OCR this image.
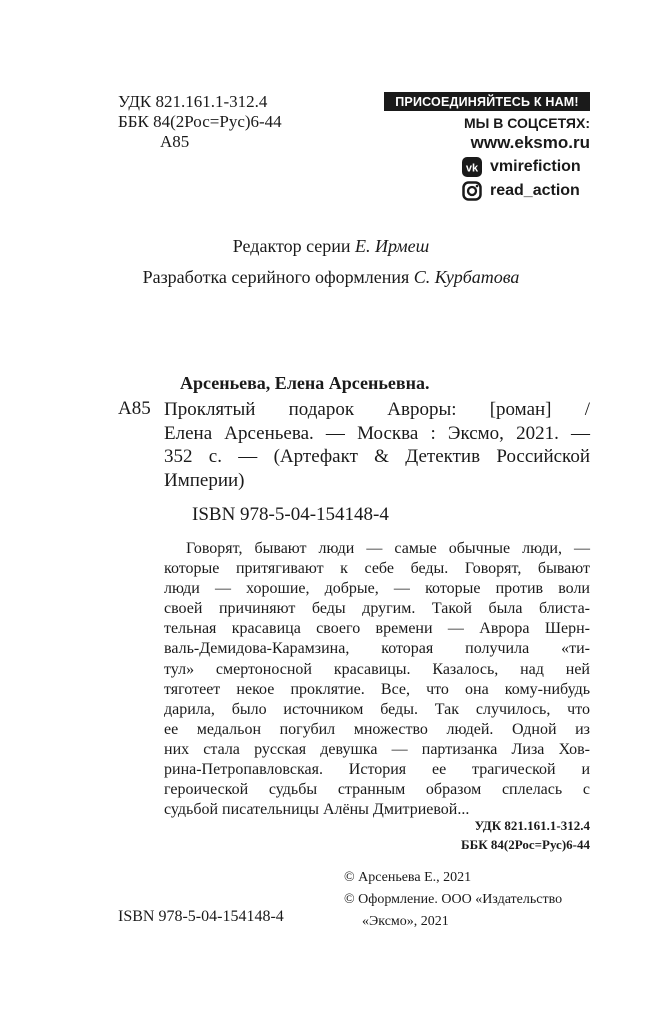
УДК 821.161.1-312.4
ББК 84(2Рос=Рус)6-44
А85
ПРИСОЕДИНЯЙТЕСЬ К НАМ!
МЫ В СОЦСЕТЯХ:
www.eksmo.ru
vk vmirefiction
read_action
Редактор серии Е. Ирмеш
Разработка серийного оформления С. Курбатова
Арсеньева, Елена Арсеньевна.
А85 Проклятый подарок Авроры: [роман] /
Елена Арсеньева. — Москва : Эксмо, 2021. —
352 с. — (Артефакт & Детектив Российской
Империи)
ISBN 978-5-04-154148-4
Говорят, бывают люди — самые обычные люди, —
которые притягивают к себе беды. Говорят, бывают
люди — хорошие, добрые, — которые против воли
своей причиняют беды другим. Такой была блиста-
тельная красавица своего времени — Аврора Шерн-
валь-Демидова-Карамзина, которая получила «ти-
тул» смертоносной красавицы. Казалось, над ней
тяготеет некое проклятие. Все, что она кому-нибудь
дарила, было источником беды. Так случилось, что
ее медальон погубил множество людей. Одной из
них стала русская девушка — партизанка Лиза Хов-
рина-Петропавловская. История ее трагической и
героической судьбы странным образом сплелась с
судьбой писательницы Алёны Дмитриевой...
УДК 821.161.1-312.4
ББК 84(2Рос=Рус)6-44
© Арсеньева Е., 2021
© Оформление. ООО «Издательство
«Эксмо», 2021
ISBN 978-5-04-154148-4
